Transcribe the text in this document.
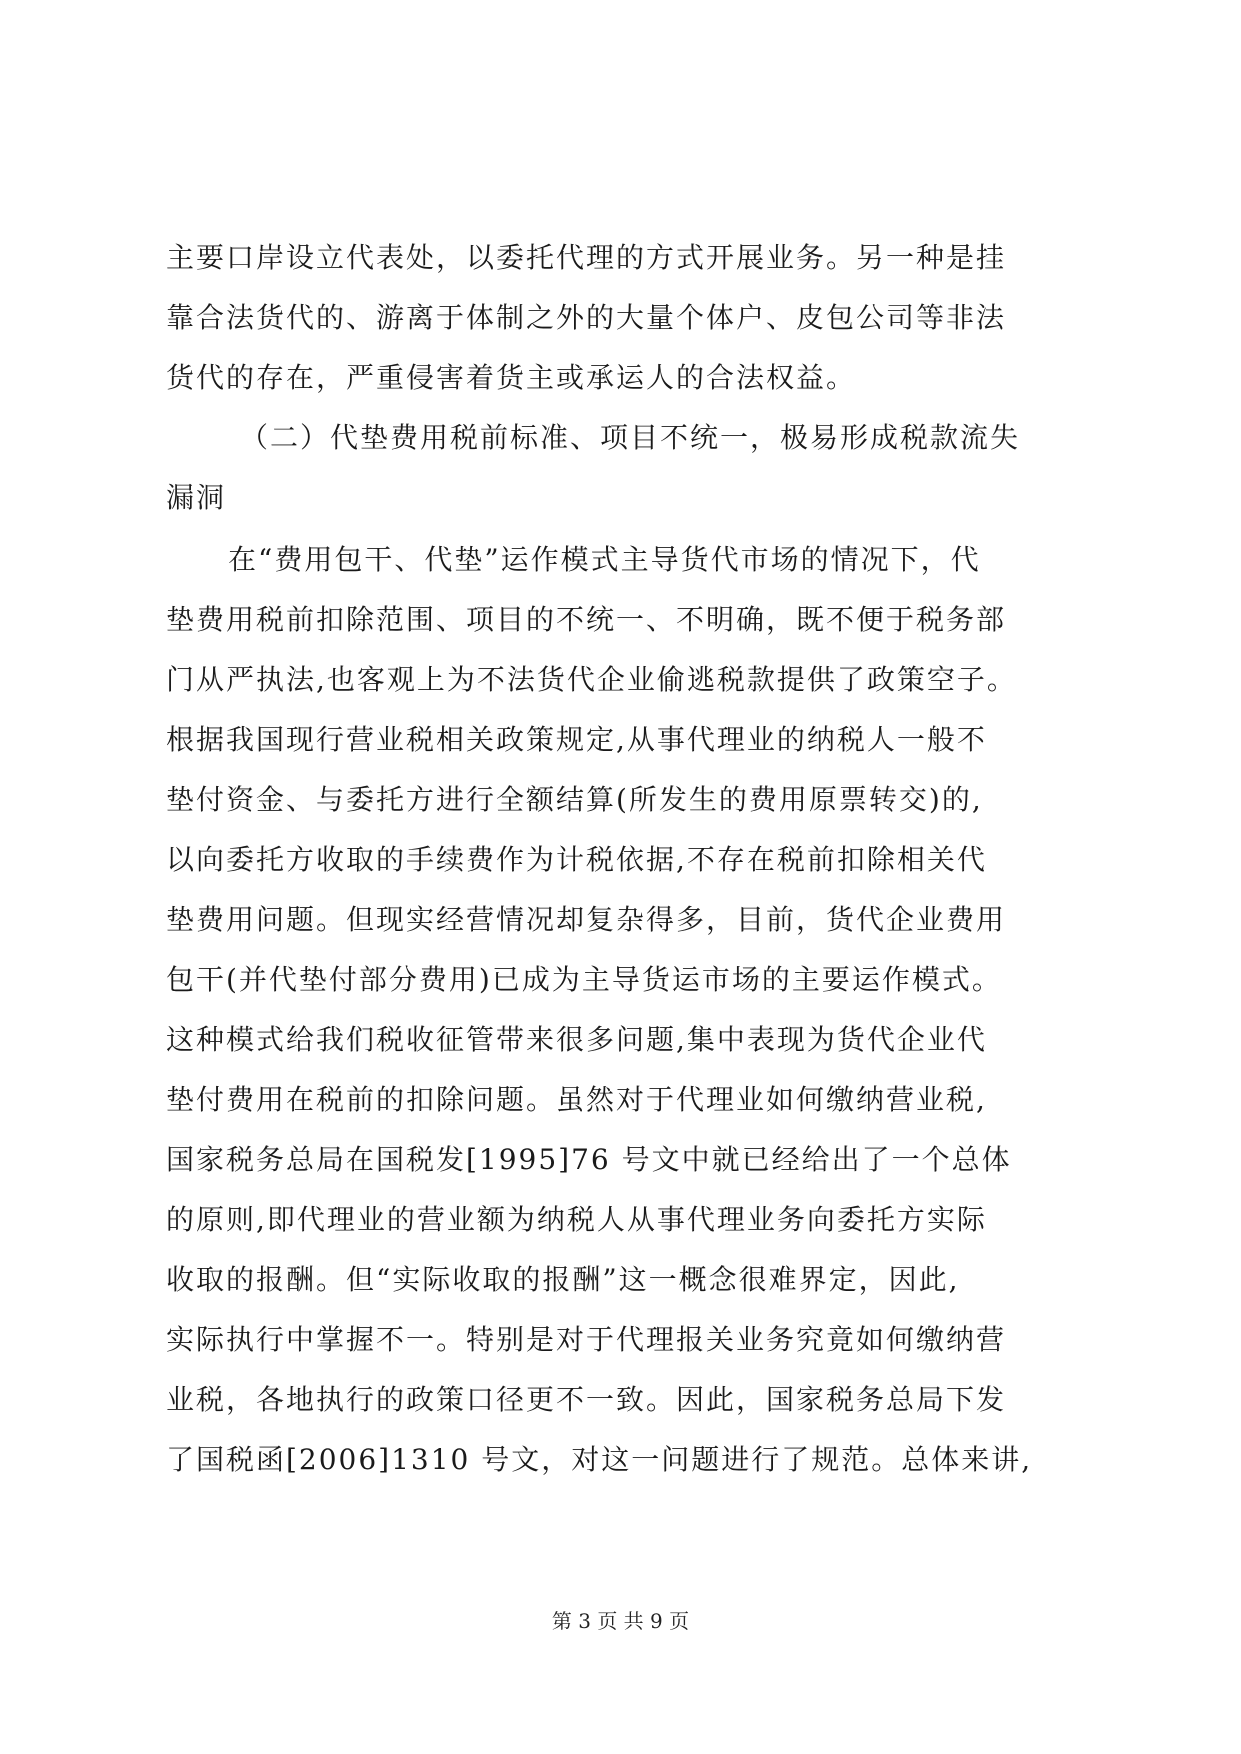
主要口岸设立代表处，以委托代理的方式开展业务。另一种是挂
靠合法货代的、游离于体制之外的大量个体户、皮包公司等非法
货代的存在，严重侵害着货主或承运人的合法权益。
（二）代垫费用税前标准、项目不统一，极易形成税款流失
漏洞
在“费用包干、代垫”运作模式主导货代市场的情况下，代
垫费用税前扣除范围、项目的不统一、不明确，既不便于税务部
门从严执法,也客观上为不法货代企业偷逃税款提供了政策空子。
根据我国现行营业税相关政策规定,从事代理业的纳税人一般不
垫付资金、与委托方进行全额结算(所发生的费用原票转交)的,
以向委托方收取的手续费作为计税依据,不存在税前扣除相关代
垫费用问题。但现实经营情况却复杂得多，目前，货代企业费用
包干(并代垫付部分费用)已成为主导货运市场的主要运作模式。
这种模式给我们税收征管带来很多问题,集中表现为货代企业代
垫付费用在税前的扣除问题。虽然对于代理业如何缴纳营业税,
国家税务总局在国税发[1995]76 号文中就已经给出了一个总体
的原则,即代理业的营业额为纳税人从事代理业务向委托方实际
收取的报酬。但“实际收取的报酬”这一概念很难界定，因此,
实际执行中掌握不一。特别是对于代理报关业务究竟如何缴纳营
业税，各地执行的政策口径更不一致。因此，国家税务总局下发
了国税函[2006]1310 号文，对这一问题进行了规范。总体来讲,
第 3 页 共 9 页
